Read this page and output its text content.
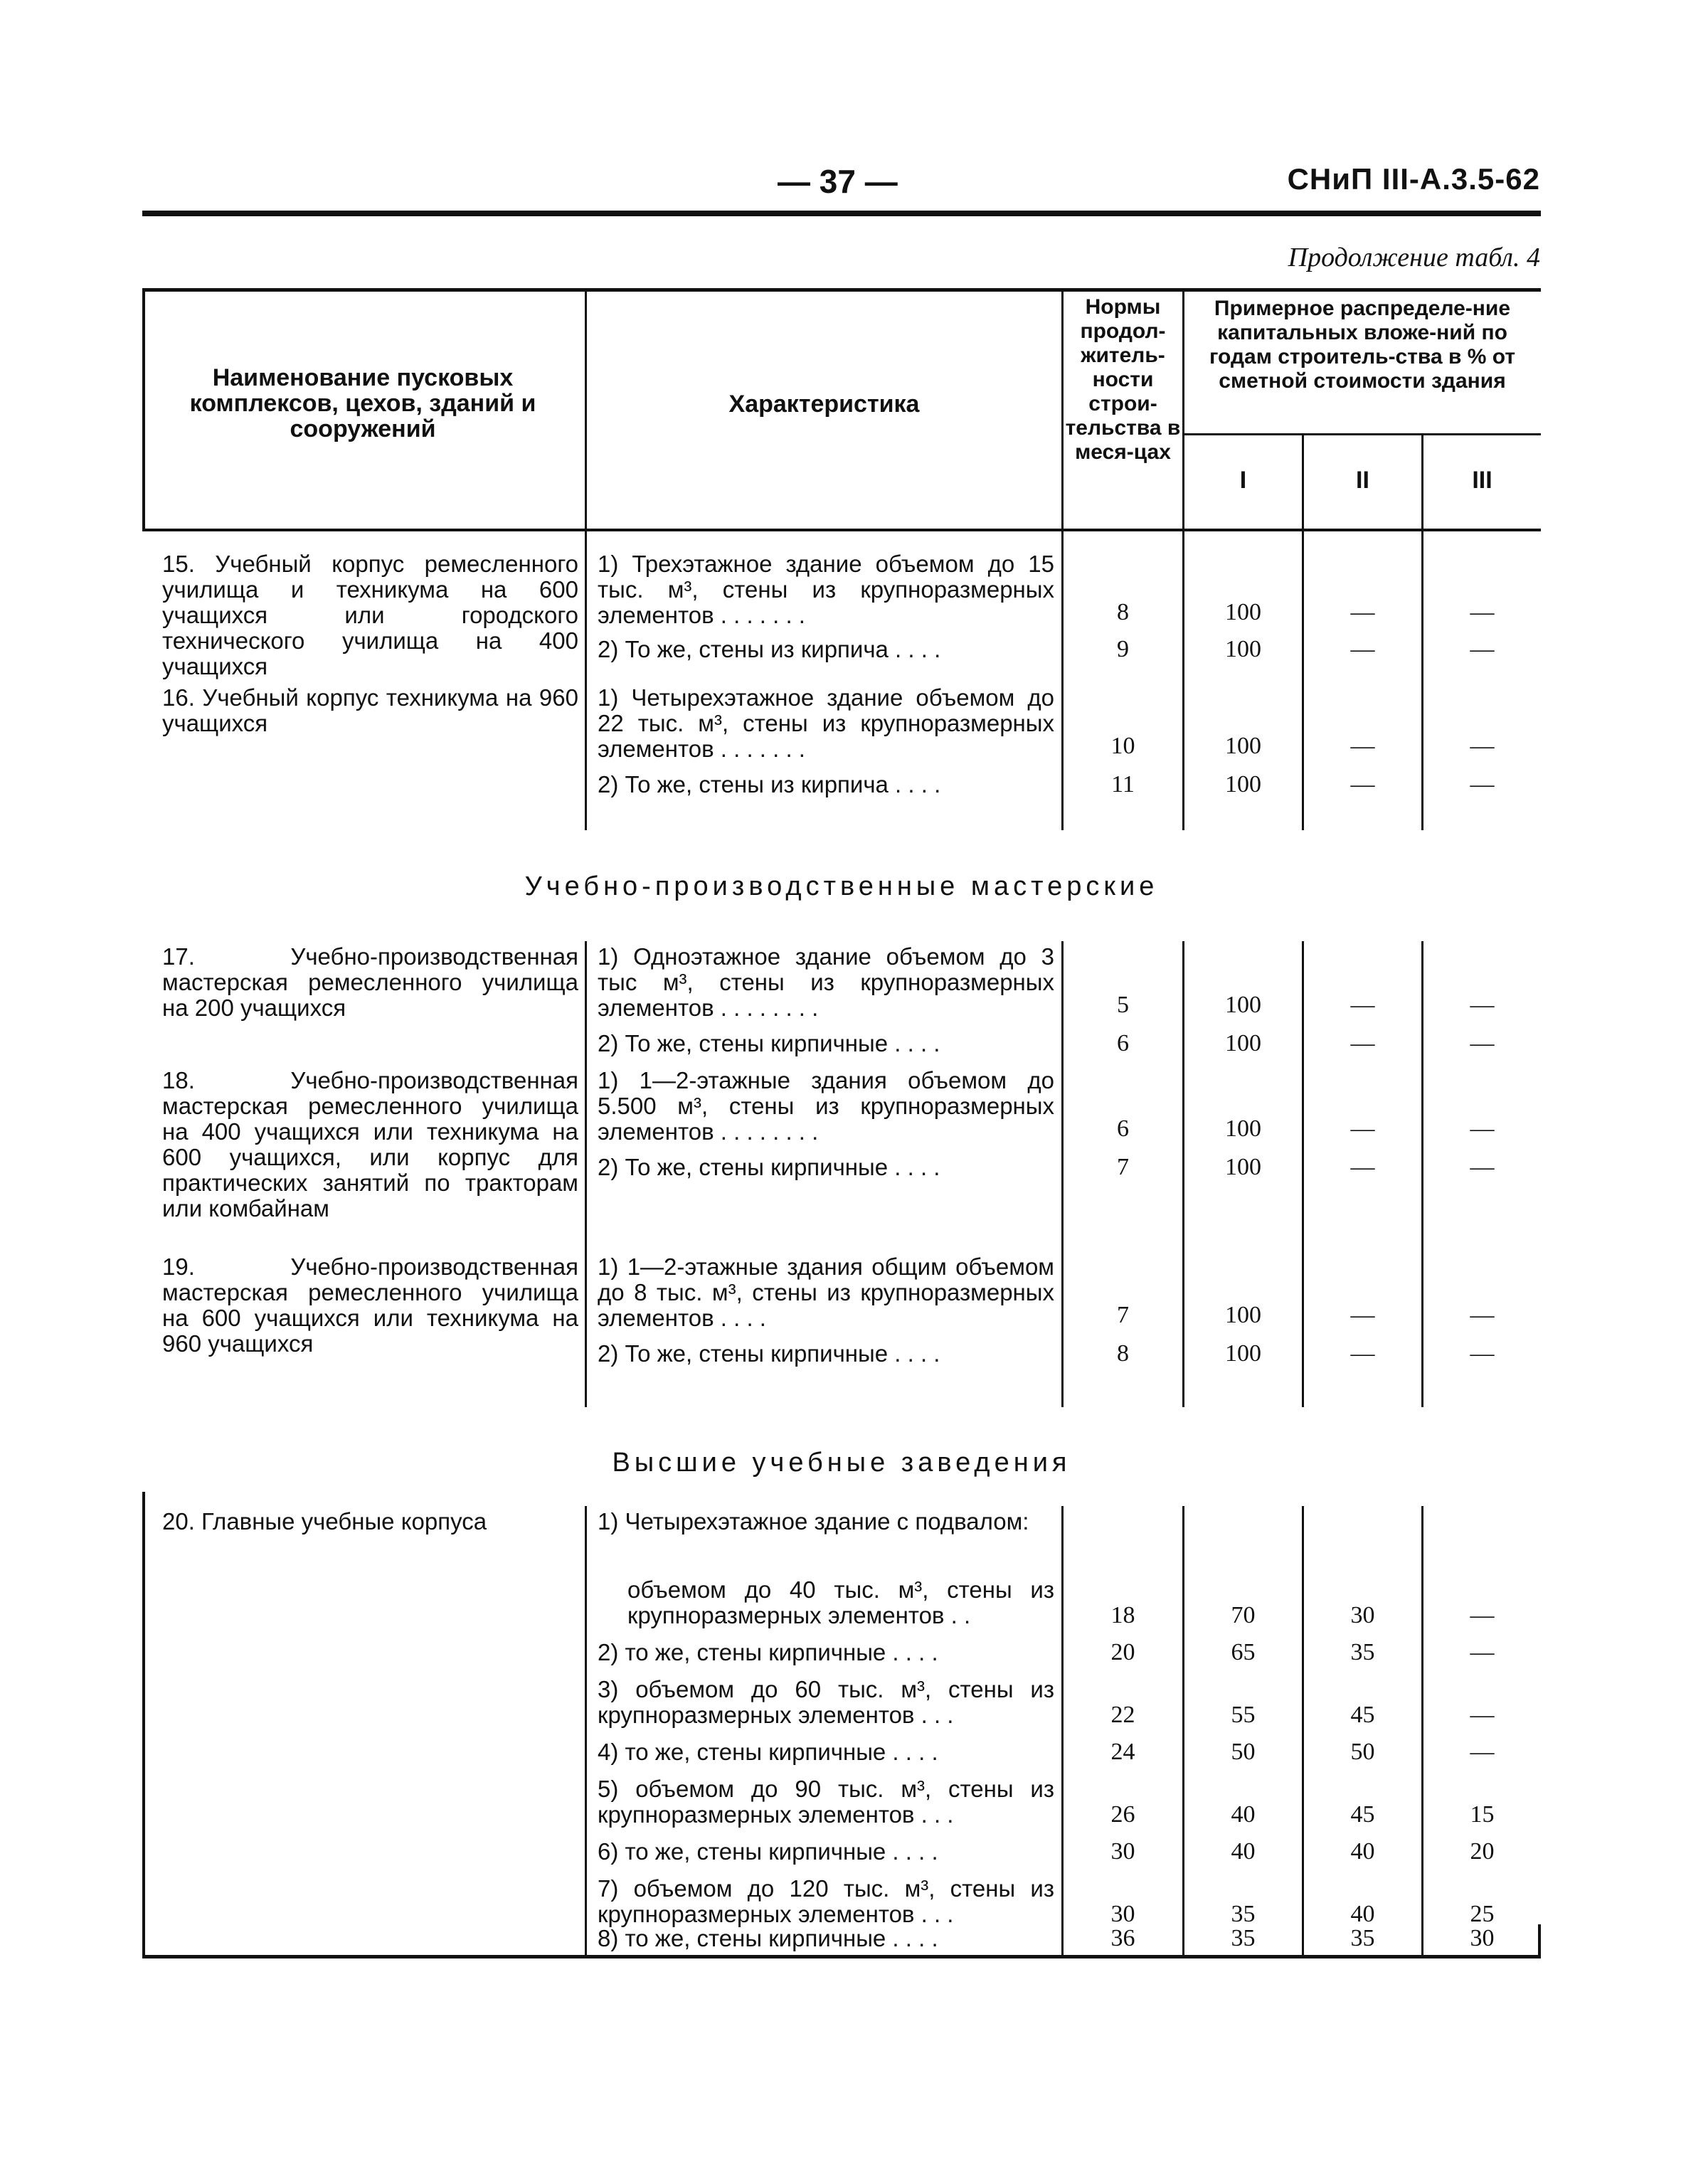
— 37 —	СНиП III-A.3.5-62
Продолжение табл. 4
Наименование пусковых комплексов, цехов, зданий и сооружений
Характеристика
Нормы продол-житель-ности строи-тельства в меся-цах
Примерное распределе-ние капитальных вложе-ний по годам строитель-ства в % от сметной стоимости здания
I	II	III
15. Учебный корпус ремесленного училища и техникума на 600 учащихся или городского технического училища на 400 учащихся
1) Трехэтажное здание объемом до 15 тыс. м³, стены из крупноразмерных элементов . . . . . . .	8	100	—	—
2) То же, стены из кирпича . . . .	9	100	—	—
16. Учебный корпус техникума на 960 учащихся
1) Четырехэтажное здание объемом до 22 тыс. м³, стены из крупноразмерных элементов . . . . . . .	10	100	—	—
2) То же, стены из кирпича . . . .	11	100	—	—
Учебно-производственные мастерские
17. Учебно-производственная мастерская ремесленного училища на 200 учащихся
1) Одноэтажное здание объемом до 3 тыс м³, стены из крупноразмерных элементов . . . . . . . .	5	100	—	—
2) То же, стены кирпичные . . . .	6	100	—	—
18. Учебно-производственная мастерская ремесленного училища на 400 учащихся или техникума на 600 учащихся, или корпус для практических занятий по тракторам или комбайнам
1) 1—2-этажные здания объемом до 5.500 м³, стены из крупноразмерных элементов . . . . . . . .	6	100	—	—
2) То же, стены кирпичные . . . .	7	100	—	—
19. Учебно-производственная мастерская ремесленного училища на 600 учащихся или техникума на 960 учащихся
1) 1—2-этажные здания общим объемом до 8 тыс. м³, стены из крупноразмерных элементов . . . .	7	100	—	—
2) То же, стены кирпичные . . . .	8	100	—	—
Высшие учебные заведения
20. Главные учебные корпуса	1) Четырехэтажное здание с подвалом:
объемом до 40 тыс. м³, стены из крупноразмерных элементов . .	18	70	30	—
2) то же, стены кирпичные . . . .	20	65	35	—
3) объемом до 60 тыс. м³, стены из крупноразмерных элементов . . .	22	55	45	—
4) то же, стены кирпичные . . . .	24	50	50	—
5) объемом до 90 тыс. м³, стены из крупноразмерных элементов . . .	26	40	45	15
6) то же, стены кирпичные . . . .	30	40	40	20
7) объемом до 120 тыс. м³, стены из крупноразмерных элементов . . .	30	35	40	25
8) то же, стены кирпичные . . . .	36	35	35	30
